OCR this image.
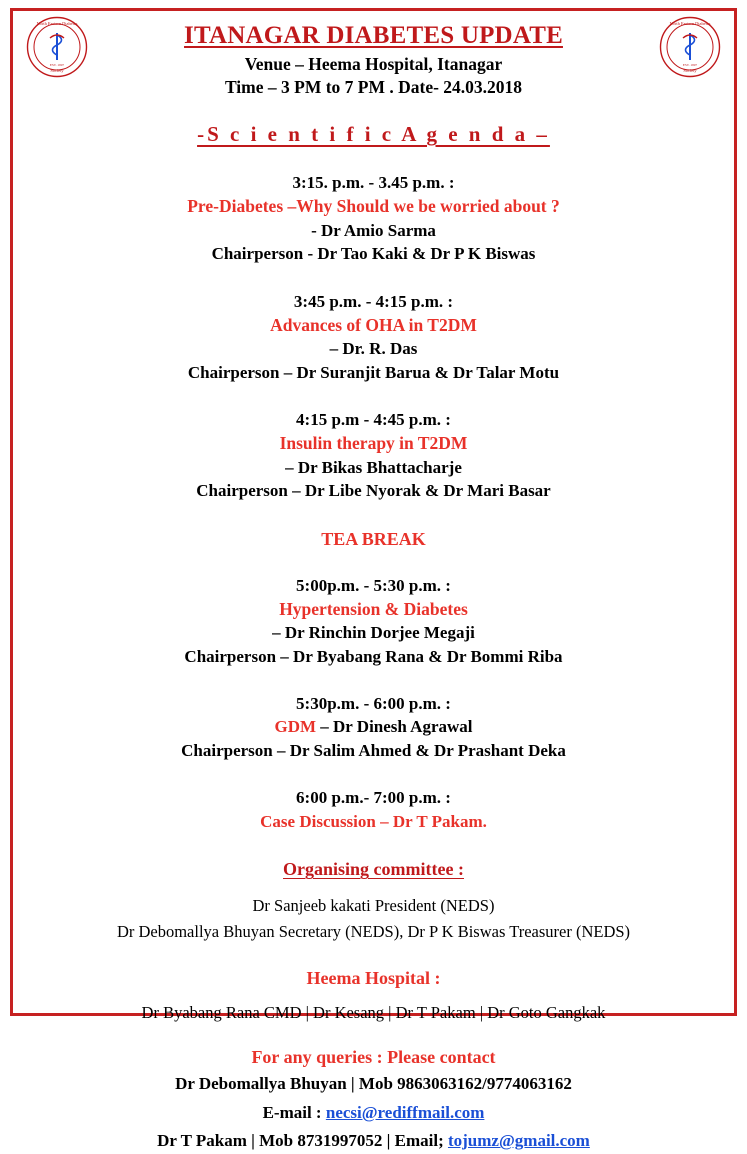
North Eastern Diabetes
Society
EST. 1997
North Eastern Diabetes
Society
EST. 1997
ITANAGAR DIABETES UPDATE
Venue – Heema Hospital, Itanagar
Time – 3 PM to 7 PM . Date- 24.03.2018
-S c i e n t i f i c A g e n d a –
3:15. p.m. - 3.45 p.m. :
Pre-Diabetes –Why Should we be worried about ?
- Dr Amio Sarma
Chairperson - Dr Tao Kaki & Dr P K Biswas
3:45 p.m. - 4:15 p.m. :
Advances of OHA in T2DM
– Dr. R. Das
Chairperson – Dr Suranjit Barua & Dr Talar Motu
4:15 p.m - 4:45 p.m. :
Insulin therapy in T2DM
– Dr Bikas Bhattacharje
Chairperson – Dr Libe Nyorak & Dr Mari Basar
TEA BREAK
5:00p.m. - 5:30 p.m. :
Hypertension & Diabetes
– Dr Rinchin Dorjee Megaji
Chairperson – Dr Byabang Rana & Dr Bommi Riba
5:30p.m. - 6:00 p.m. :
GDM – Dr Dinesh Agrawal
Chairperson – Dr Salim Ahmed & Dr Prashant Deka
6:00 p.m.- 7:00 p.m. :
Case Discussion – Dr T Pakam.
Organising committee :
Dr Sanjeeb kakati President (NEDS)
Dr Debomallya Bhuyan Secretary (NEDS), Dr P K Biswas Treasurer (NEDS)
Heema Hospital :
Dr Byabang Rana CMD | Dr Kesang | Dr T Pakam | Dr Goto Gangkak
For any queries : Please contact
Dr Debomallya Bhuyan | Mob 9863063162/9774063162
E-mail : necsi@rediffmail.com
Dr T Pakam | Mob 8731997052 | Email; tojumz@gmail.com
